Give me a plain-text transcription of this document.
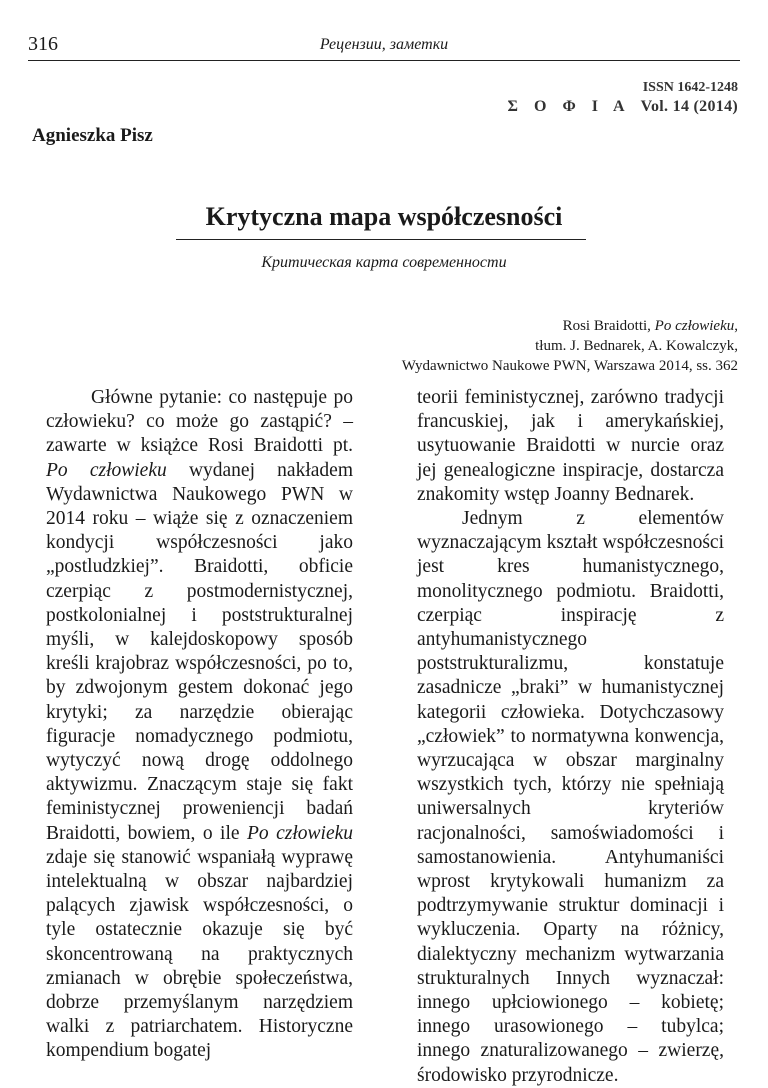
316	Рецензии, заметки
ISSN 1642-1248
Σ Ο Φ Ι Α Vol. 14 (2014)
Agnieszka Pisz
Krytyczna mapa współczesności
Критическая карта современности
Rosi Braidotti, Po człowieku,
tłum. J. Bednarek, A. Kowalczyk,
Wydawnictwo Naukowe PWN, Warszawa 2014, ss. 362

Główne pytanie: co następuje po człowieku? co może go zastąpić? – zawarte w książce Rosi Braidotti pt. Po człowieku wydanej nakładem Wydawnictwa Naukowego PWN w 2014 roku – wiąże się z oznaczeniem kondycji współczesności jako „postludzkiej”. Braidotti, obficie czerpiąc z postmodernistycznej, postkolonialnej i poststrukturalnej myśli, w kalejdoskopowy sposób kreśli krajobraz współczesności, po to, by zdwojonym gestem dokonać jego krytyki; za narzędzie obierając figuracje nomadycznego podmiotu, wytyczyć nową drogę oddolnego aktywizmu. Znaczącym staje się fakt feministycznej proweniencji badań Braidotti, bowiem, o ile Po człowieku zdaje się stanowić wspaniałą wyprawę intelektualną w obszar najbardziej palących zjawisk współczesności, o tyle ostatecznie okazuje się być skoncentrowaną na praktycznych zmianach w obrębie społeczeństwa, dobrze przemyślanym narzędziem walki z patriarchatem. Historyczne kompendium bogatej

teorii feministycznej, zarówno tradycji francuskiej, jak i amerykańskiej, usytuowanie Braidotti w nurcie oraz jej genealogiczne inspiracje, dostarcza znakomity wstęp Joanny Bednarek.

Jednym z elementów wyznaczającym kształt współczesności jest kres humanistycznego, monolitycznego podmiotu. Braidotti, czerpiąc inspirację z antyhumanistycznego poststrukturalizmu, konstatuje zasadnicze „braki” w humanistycznej kategorii człowieka. Dotychczasowy „człowiek” to normatywna konwencja, wyrzucająca w obszar marginalny wszystkich tych, którzy nie spełniają uniwersalnych kryteriów racjonalności, samoświadomości i samostanowienia. Antyhumaniści wprost krytykowali humanizm za podtrzymywanie struktur dominacji i wykluczenia. Oparty na różnicy, dialektyczny mechanizm wytwarzania strukturalnych Innych wyznaczał: innego upłciowionego – kobietę; innego urasowionego – tubylca; innego znaturalizowanego – zwierzę, środowisko przyrodnicze.
